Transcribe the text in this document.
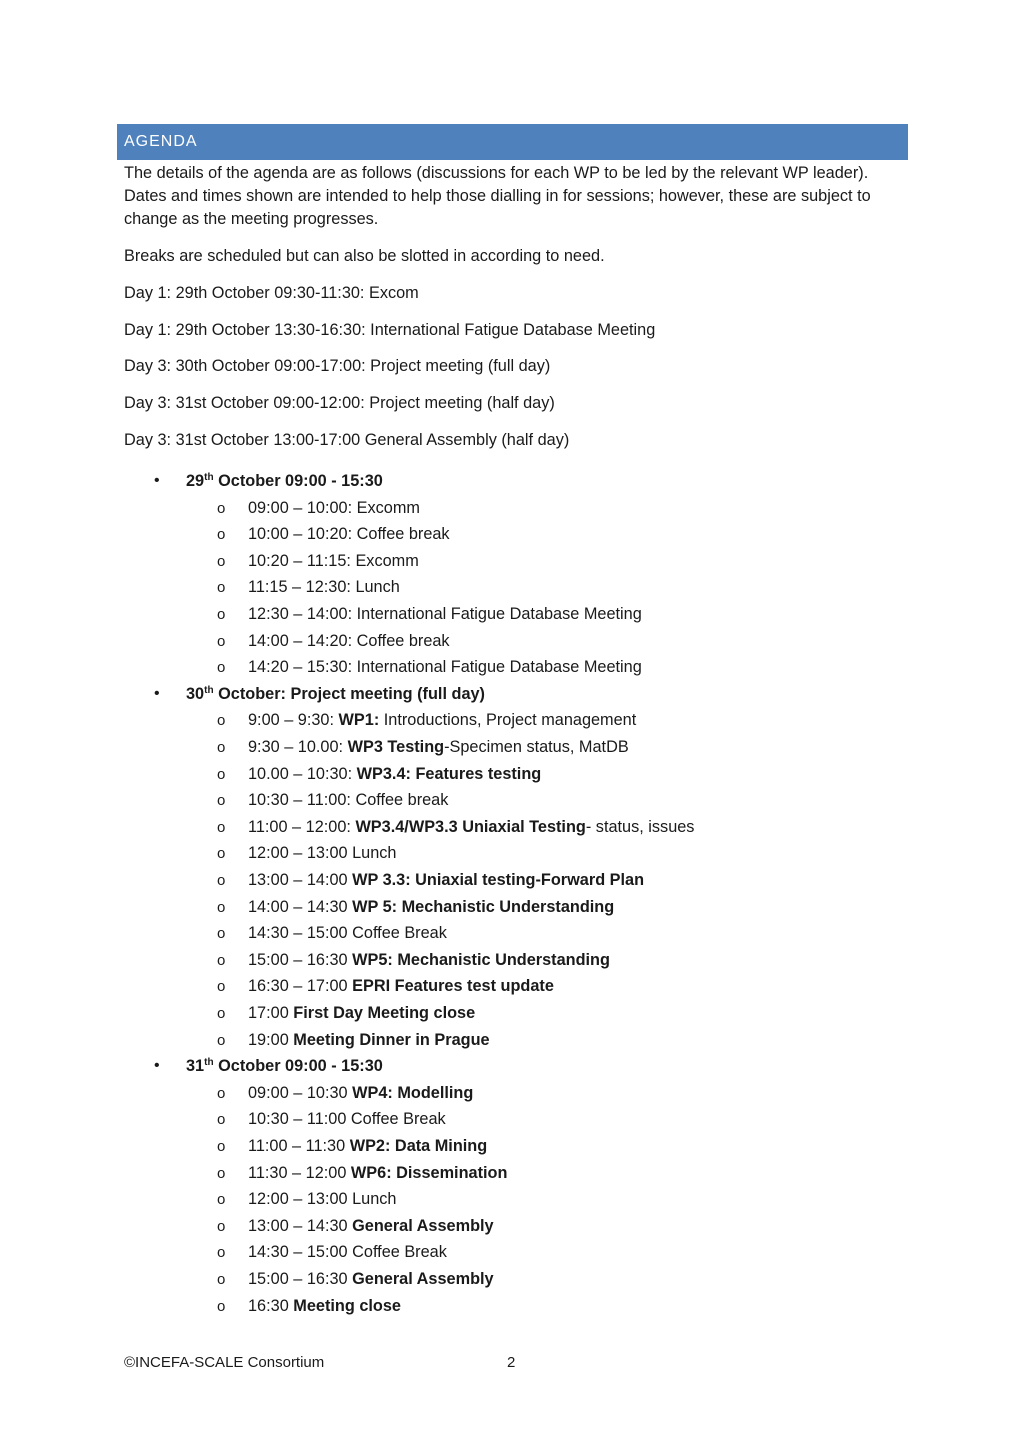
AGENDA
The details of the agenda are as follows (discussions for each WP to be led by the relevant WP leader). Dates and times shown are intended to help those dialling in for sessions; however, these are subject to change as the meeting progresses.
Breaks are scheduled but can also be slotted in according to need.
Day 1: 29th October 09:30-11:30: Excom
Day 1: 29th October 13:30-16:30: International Fatigue Database Meeting
Day 3: 30th October 09:00-17:00: Project meeting (full day)
Day 3: 31st October 09:00-12:00: Project meeting (half day)
Day 3: 31st October 13:00-17:00 General Assembly (half day)
• 29th October 09:00 - 15:30
o 09:00 – 10:00: Excomm
o 10:00 – 10:20: Coffee break
o 10:20 – 11:15: Excomm
o 11:15 – 12:30: Lunch
o 12:30 – 14:00: International Fatigue Database Meeting
o 14:00 – 14:20: Coffee break
o 14:20 – 15:30: International Fatigue Database Meeting
• 30th October: Project meeting (full day)
o 9:00 – 9:30: WP1: Introductions, Project management
o 9:30 – 10.00: WP3 Testing-Specimen status, MatDB
o 10.00 – 10:30: WP3.4: Features testing
o 10:30 – 11:00: Coffee break
o 11:00 – 12:00: WP3.4/WP3.3 Uniaxial Testing- status, issues
o 12:00 – 13:00 Lunch
o 13:00 – 14:00 WP 3.3: Uniaxial testing-Forward Plan
o 14:00 – 14:30 WP 5: Mechanistic Understanding
o 14:30 – 15:00 Coffee Break
o 15:00 – 16:30 WP5: Mechanistic Understanding
o 16:30 – 17:00 EPRI Features test update
o 17:00 First Day Meeting close
o 19:00 Meeting Dinner in Prague
• 31th October 09:00 - 15:30
o 09:00 – 10:30 WP4: Modelling
o 10:30 – 11:00 Coffee Break
o 11:00 – 11:30 WP2: Data Mining
o 11:30 – 12:00 WP6: Dissemination
o 12:00 – 13:00 Lunch
o 13:00 – 14:30 General Assembly
o 14:30 – 15:00 Coffee Break
o 15:00 – 16:30 General Assembly
o 16:30 Meeting close
©INCEFA-SCALE Consortium	2
